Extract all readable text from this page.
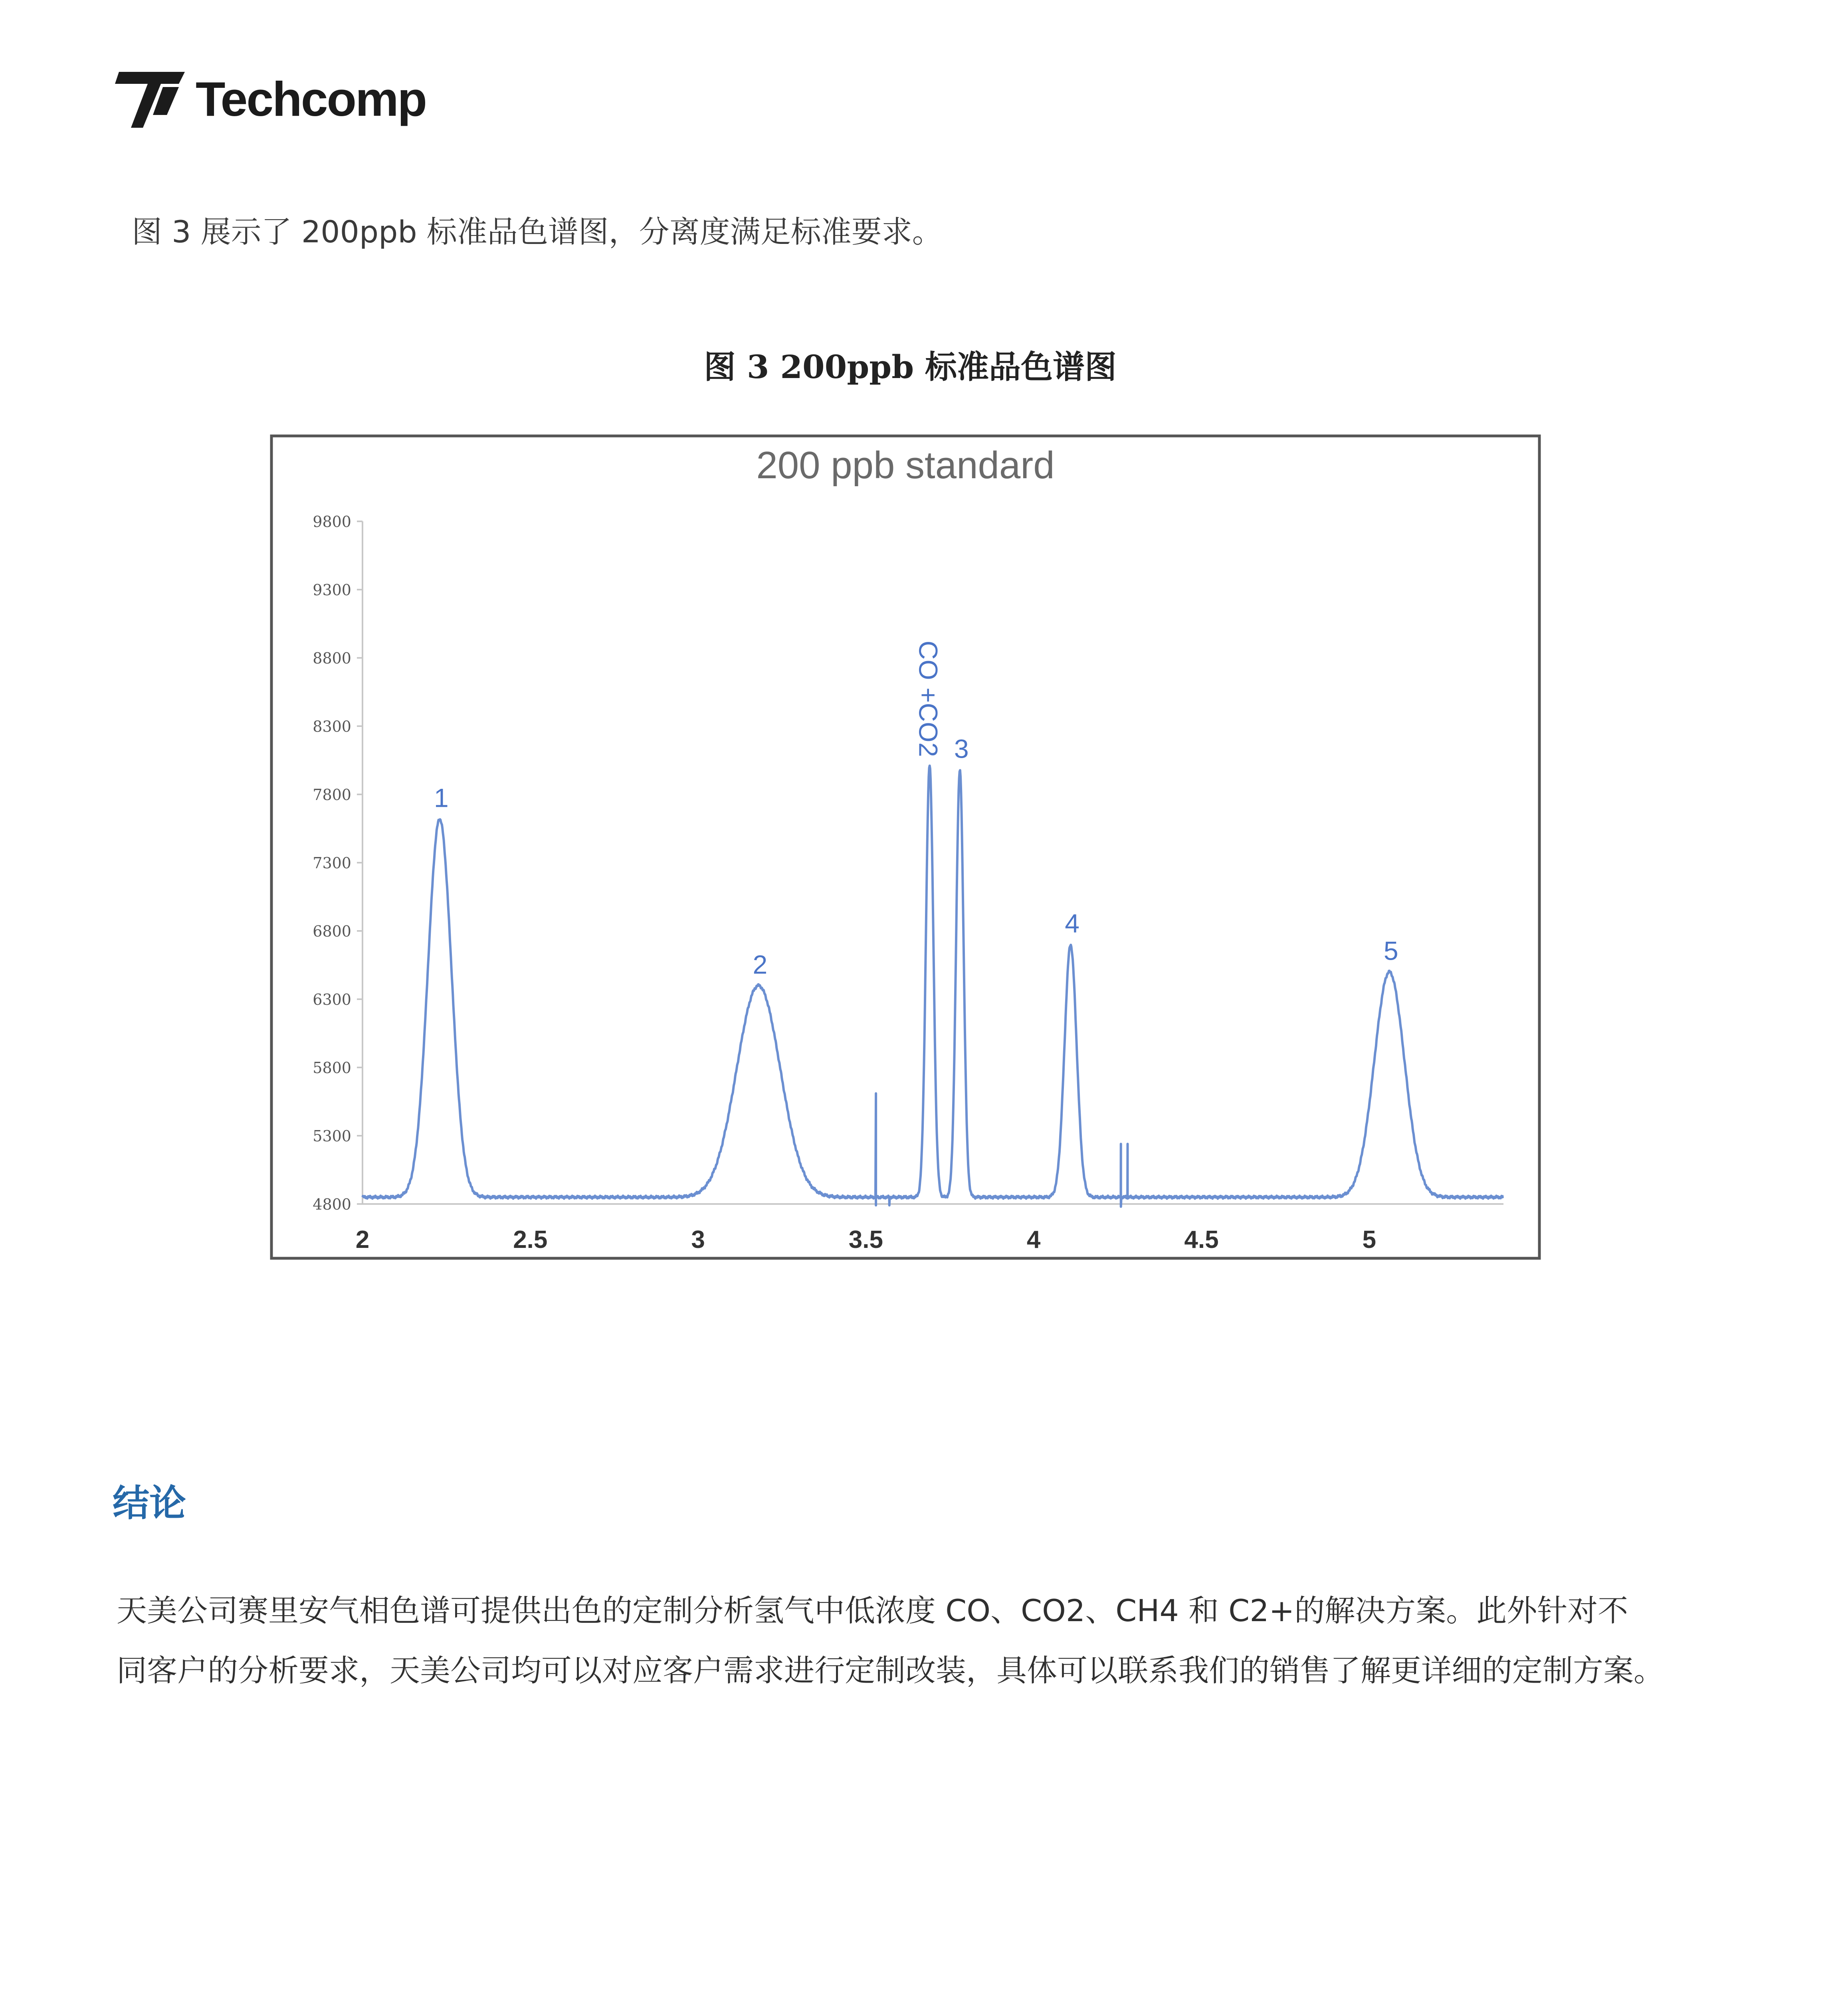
Techcomp
图 3 展示了 200ppb 标准品色谱图，分离度满足标准要求。
图 3 200ppb 标准品色谱图
200 ppb standard
9800
9300
8800
8300
7800
7300
6800
6300
5800
5300
4800
2	2.5	3	3.5	4	4.5	5
1
2
CO +CO2 3
4
5
结论

天美公司赛里安气相色谱可提供出色的定制分析氢气中低浓度 CO、CO2、CH4 和 C2+的解决方案。此外针对不

同客户的分析要求，天美公司均可以对应客户需求进行定制改装，具体可以联系我们的销售了解更详细的定制方案。
